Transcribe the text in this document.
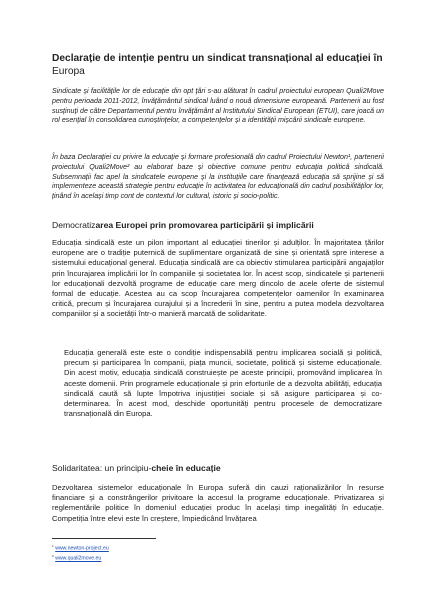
Declarație de intenție pentru un sindicat transnațional al educației în
Europa
Sindicate și facilitățile lor de educație din opt țări s-au alăturat în cadrul proiectului european Quali2Move pentru perioada 2011-2012, învățământul sindical luând o nouă dimensiune europeană. Partenerii au fost susținuți de către Departamentul pentru învățământ al Institutului Sindical European (ETUI), care joacă un rol esențial în consolidarea cunoștințelor, a competențelor și a identității mișcării sindicale europene.
În baza Declarației cu privire la educație și formare profesională din cadrul Proiectului Newton¹, partenerii proiectului Quali2Move² au elaborat baze și obiective comune pentru educația politică sindicală. Subsemnații fac apel la sindicatele europene și la instituțiile care finanțează educația să sprijine și să implementeze această strategie pentru educație în activitatea lor educațională din cadrul posibilităților lor, ținând în același timp cont de contextul lor cultural, istoric și socio-politic.
Democratizarea Europei prin promovarea participării și implicării
Educația sindicală este un pilon important al educației tinerilor și adulților. În majoritatea țărilor europene are o tradiție puternică de suplimentare organizată de sine și orientată spre interese a sistemului educațional general. Educația sindicală are ca obiectiv stimularea participării angajaților prin încurajarea implicării lor în companiile și societatea lor. În acest scop, sindicatele și partenerii lor educaționali dezvoltă programe de educație care merg dincolo de acele oferte de sistemul formal de educație. Acestea au ca scop încurajarea competențelor oamenilor în examinarea critică, precum și încurajarea curajului și a încrederii în sine, pentru a putea modela dezvoltarea companiilor și a societății într-o manieră marcată de solidaritate.
Educația generală este este o condiție indispensabilă pentru implicarea socială și politică, precum și participarea în companii, piața muncii, societate, politică și sisteme educaționale. Din acest motiv, educația sindicală construiește pe aceste principii, promovând implicarea în aceste domenii. Prin programele educaționale și prin eforturile de a dezvolta abilități, educația sindicală caută să lupte împotriva injustiției sociale și să asigure participarea și co-determinarea. În acest mod, deschide oportunități pentru procesele de democratizare transnațională din Europa.
Solidaritatea: un principiu-cheie în educație
Dezvoltarea sistemelor educaționale în Europa suferă din cauzi raționalizărilor în resurse financiare și a constrângerilor privitoare la accesul la programe educaționale. Privatizarea și reglementările politice în domeniul educației produc în același timp inegalități în educație. Competiția între elevi este în creștere, împiedicând învățarea
$^1$ www.newton-project.eu
$^2$ www.quali2move.eu
